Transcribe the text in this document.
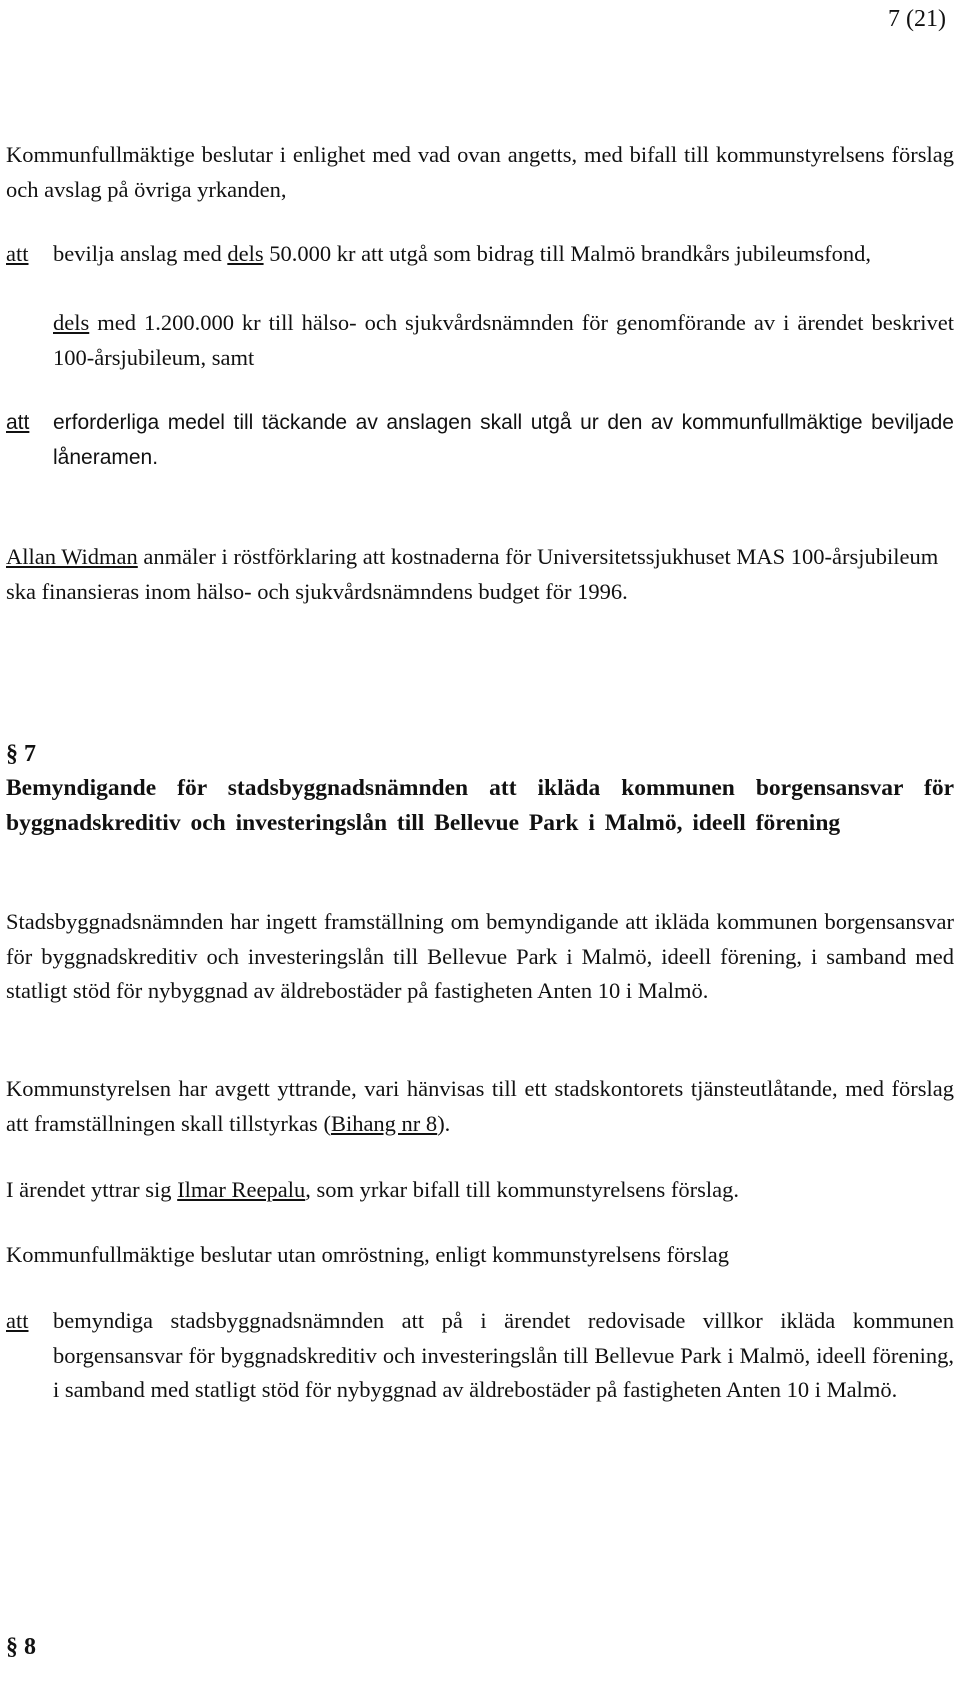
7 (21)

Kommunfullmäktige beslutar i enlighet med vad ovan angetts, med bifall till kommunstyrelsens förslag och avslag på övriga yrkanden,

att bevilja anslag med dels 50.000 kr att utgå som bidrag till Malmö brandkårs jubileumsfond,
dels med 1.200.000 kr till hälso- och sjukvårdsnämnden för genomförande av i ärendet beskrivet 100-årsjubileum, samt
att erforderliga medel till täckande av anslagen skall utgå ur den av kommunfullmäktige beviljade låneramen.

Allan Widman anmäler i röstförklaring att kostnaderna för Universitetssjukhuset MAS 100-årsjubileum ska finansieras inom hälso- och sjukvårdsnämndens budget för 1996.

§ 7
Bemyndigande för stadsbyggnadsnämnden att ikläda kommunen borgensansvar för byggnadskreditiv och investeringslån till Bellevue Park i Malmö, ideell förening

Stadsbyggnadsnämnden har ingett framställning om bemyndigande att ikläda kommunen borgensansvar för byggnadskreditiv och investeringslån till Bellevue Park i Malmö, ideell förening, i samband med statligt stöd för nybyggnad av äldrebostäder på fastigheten Anten 10 i Malmö.

Kommunstyrelsen har avgett yttrande, vari hänvisas till ett stadskontorets tjänsteutlåtande, med förslag att framställningen skall tillstyrkas (Bihang nr 8).

I ärendet yttrar sig Ilmar Reepalu, som yrkar bifall till kommunstyrelsens förslag.

Kommunfullmäktige beslutar utan omröstning, enligt kommunstyrelsens förslag

att bemyndiga stadsbyggnadsnämnden att på i ärendet redovisade villkor ikläda kommunen borgensansvar för byggnadskreditiv och investeringslån till Bellevue Park i Malmö, ideell förening, i samband med statligt stöd för nybyggnad av äldrebostäder på fastigheten Anten 10 i Malmö.
§ 8
